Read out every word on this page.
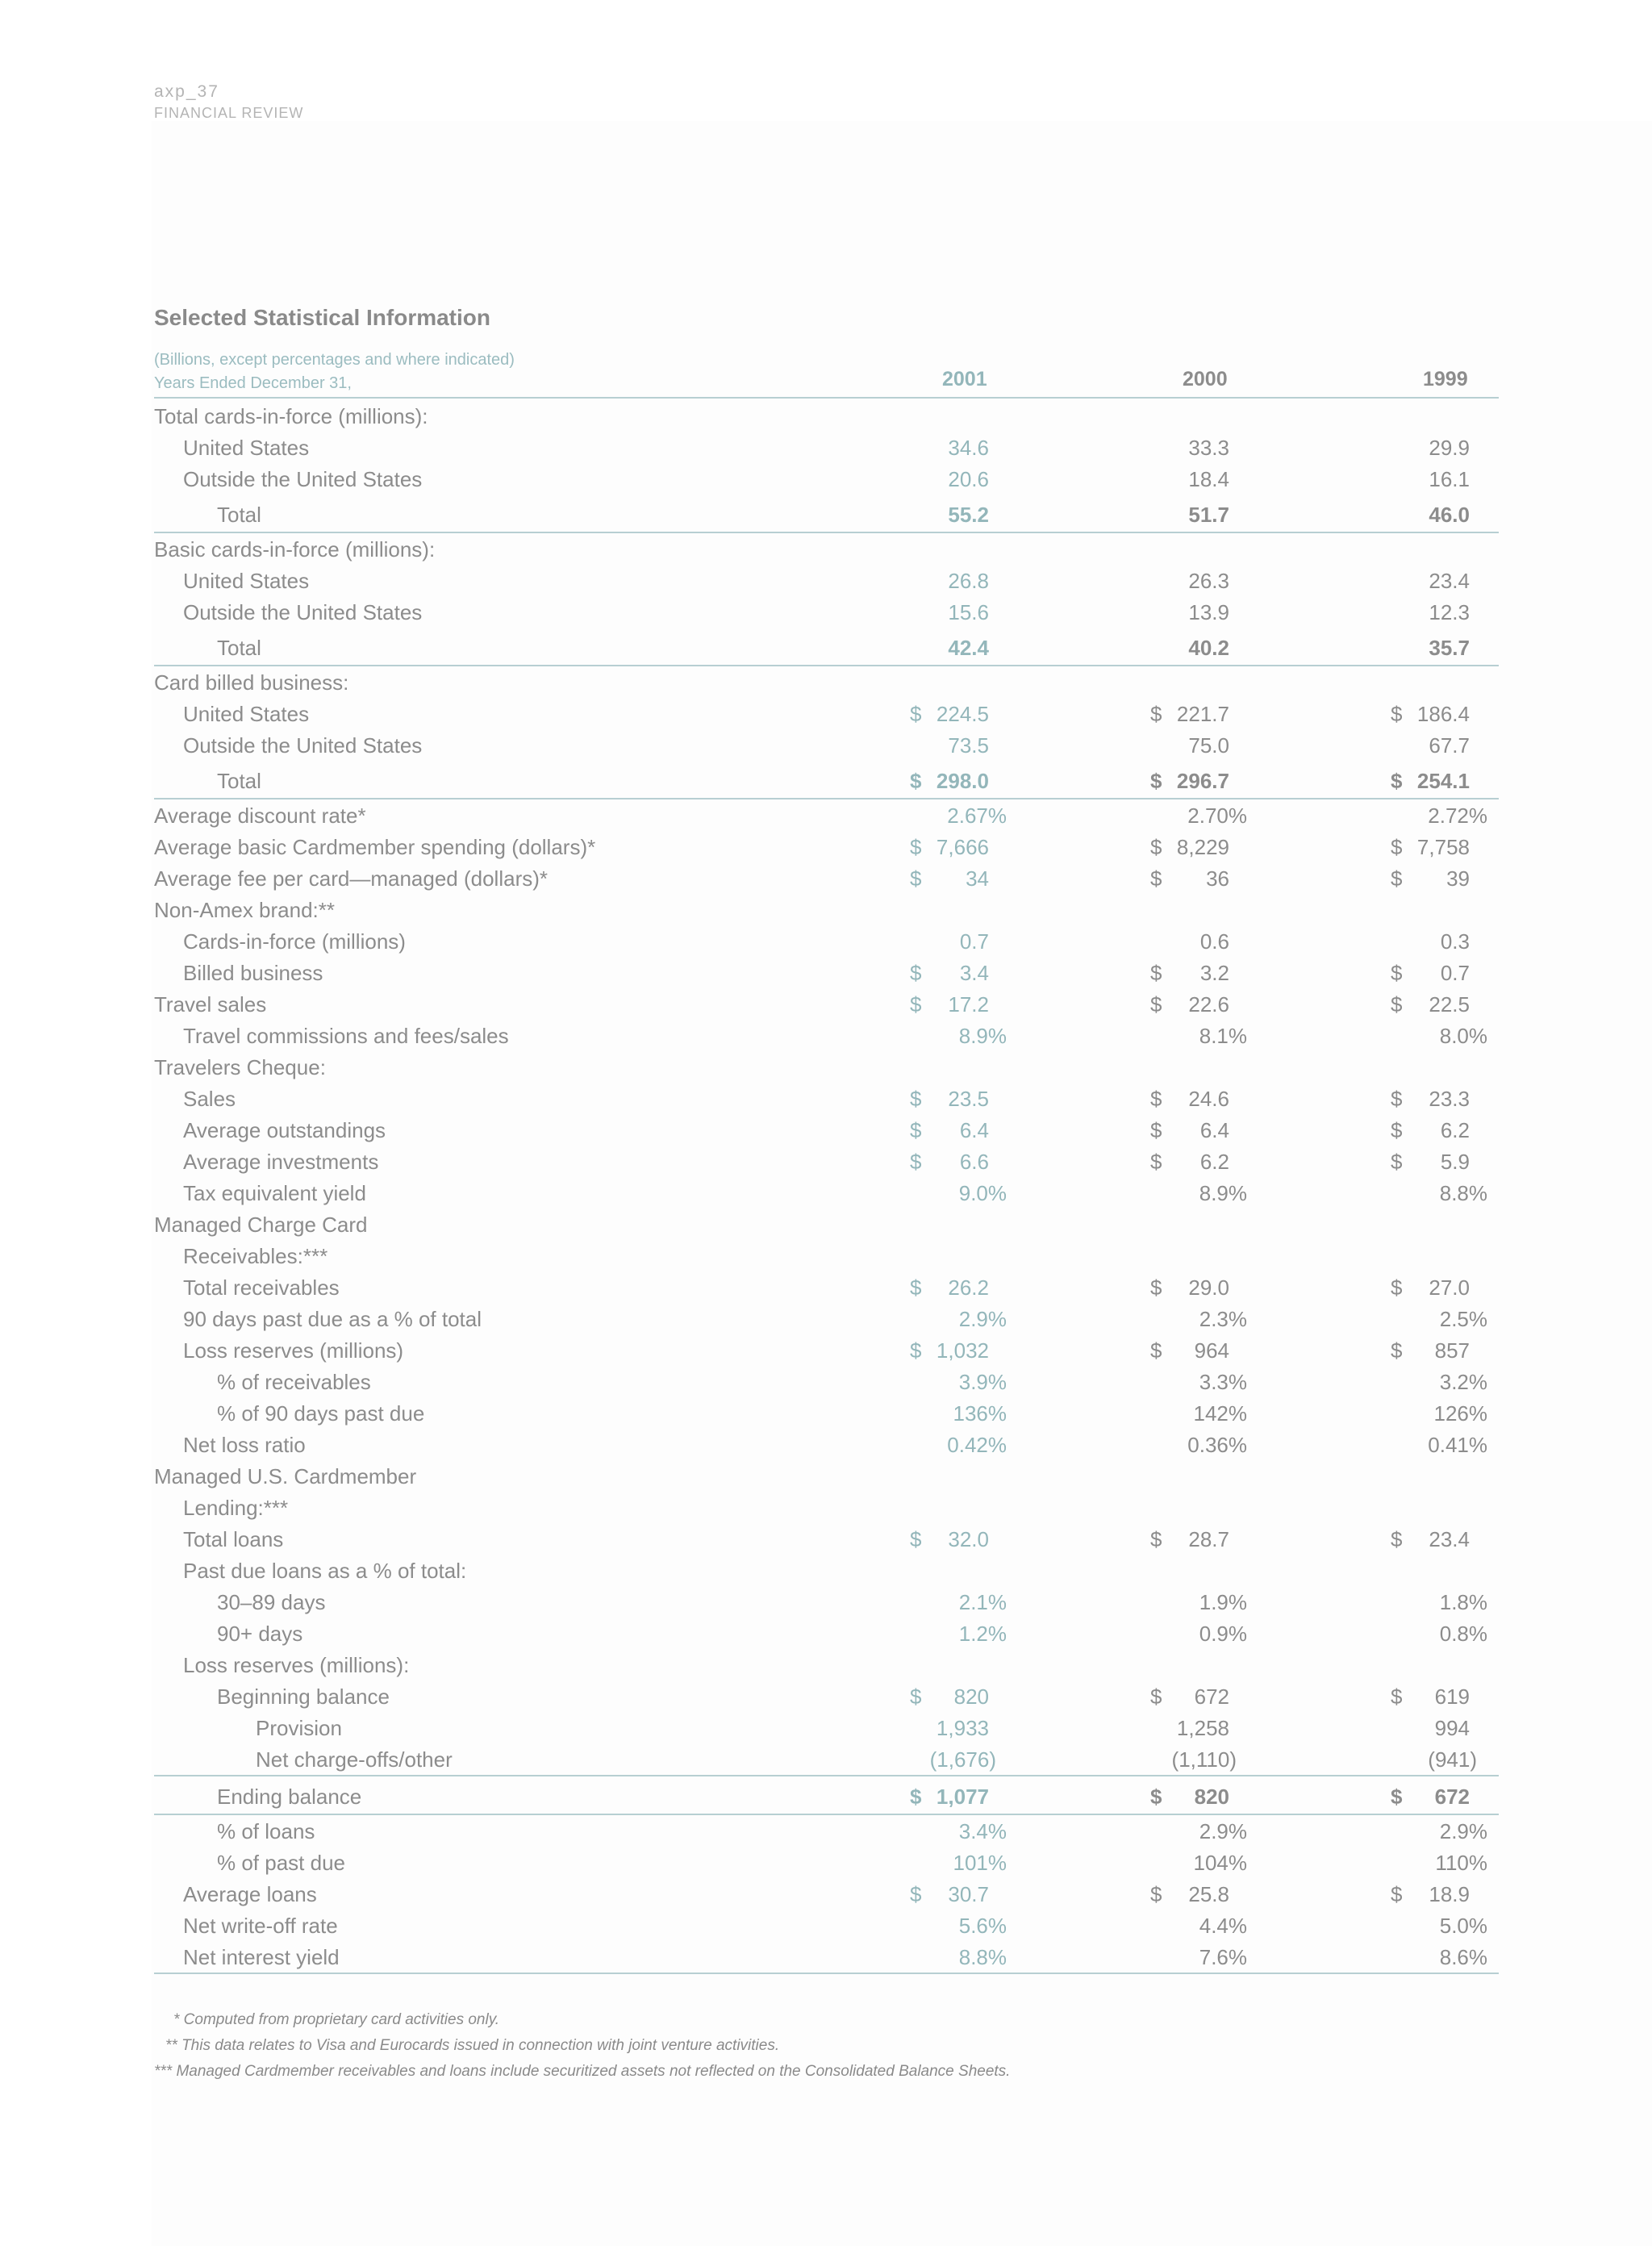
axp_37
FINANCIAL REVIEW
Selected Statistical Information
(Billions, except percentages and where indicated)
Years Ended December 31,	2001	2000	1999
Total cards-in-force (millions):
United States	34.6	33.3	29.9
Outside the United States	20.6	18.4	16.1
Total	55.2	51.7	46.0
Basic cards-in-force (millions):
United States	26.8	26.3	23.4
Outside the United States	15.6	13.9	12.3
Total	42.4	40.2	35.7
Card billed business:
United States	$ 224.5	$ 221.7	$ 186.4
Outside the United States	73.5	75.0	67.7
Total	$ 298.0	$ 296.7	$ 254.1
Average discount rate*	2.67%	2.70%	2.72%
Average basic Cardmember spending (dollars)*	$ 7,666	$ 8,229	$ 7,758
Average fee per card—managed (dollars)*	$	34	$	36	$	39
Non-Amex brand:**
Cards-in-force (millions)	0.7	0.6	0.3
Billed business	$	3.4	$	3.2	$	0.7
Travel sales	$	17.2	$	22.6	$	22.5
Travel commissions and fees/sales	8.9%	8.1%	8.0%
Travelers Cheque:
Sales	$	23.5	$	24.6	$	23.3
Average outstandings	$	6.4	$	6.4	$	6.2
Average investments	$	6.6	$	6.2	$	5.9
Tax equivalent yield	9.0%	8.9%	8.8%
Managed Charge Card
Receivables:***
Total receivables	$	26.2	$	29.0	$	27.0
90 days past due as a % of total	2.9%	2.3%	2.5%
Loss reserves (millions)	$ 1,032	$	964	$	857
% of receivables	3.9%	3.3%	3.2%
% of 90 days past due	136%	142%	126%
Net loss ratio	0.42%	0.36%	0.41%
Managed U.S. Cardmember
Lending:***
Total loans	$	32.0	$	28.7	$	23.4
Past due loans as a % of total:
30–89 days	2.1%	1.9%	1.8%
90+ days	1.2%	0.9%	0.8%
Loss reserves (millions):
Beginning balance	$	820	$	672	$	619
Provision	1,933	1,258	994
Net charge-offs/other	(1,676)	(1,110)	(941)
Ending balance	$ 1,077	$	820	$	672
% of loans	3.4%	2.9%	2.9%
% of past due	101%	104%	110%
Average loans	$	30.7	$	25.8	$	18.9
Net write-off rate	5.6%	4.4%	5.0%
Net interest yield	8.8%	7.6%	8.6%
* Computed from proprietary card activities only.
** This data relates to Visa and Eurocards issued in connection with joint venture activities.
*** Managed Cardmember receivables and loans include securitized assets not reflected on the Consolidated Balance Sheets.
